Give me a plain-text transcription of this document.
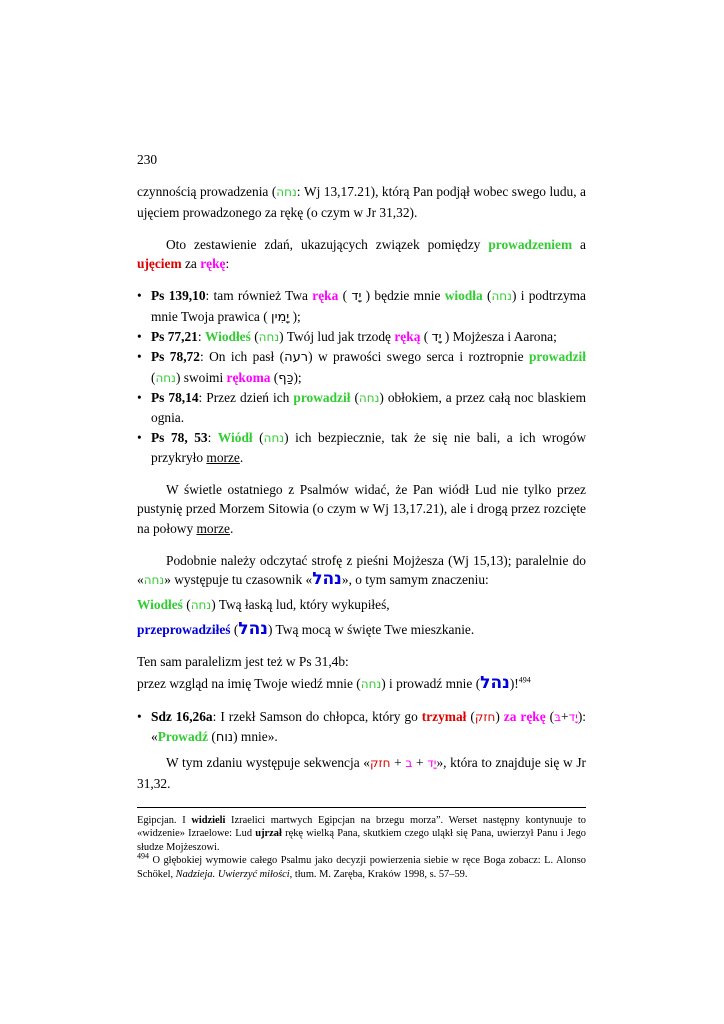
230

czynnością prowadzenia (נחה: Wj 13,17.21), którą Pan podjął wobec swego ludu, a ujęciem prowadzonego za rękę (o czym w Jr 31,32).

Oto zestawienie zdań, ukazujących związek pomiędzy prowadzeniem a ujęciem za rękę:

• Ps 139,10: tam również Twa ręka ( יָד ) będzie mnie wiodła (נחה) i podtrzyma mnie Twoja prawica ( יָמִין );
• Ps 77,21: Wiodłeś (נחה) Twój lud jak trzodę ręką ( יָד ) Mojżesza i Aarona;
• Ps 78,72: On ich pasł (רעה) w prawości swego serca i roztropnie prowadził (נחה) swoimi rękoma (כַּף);
• Ps 78,14: Przez dzień ich prowadził (נחה) obłokiem, a przez całą noc blaskiem ognia.
• Ps 78, 53: Wiódł (נחה) ich bezpiecznie, tak że się nie bali, a ich wrogów przykryło morze.

W świetle ostatniego z Psalmów widać, że Pan wiódł Lud nie tylko przez pustynię przed Morzem Sitowia (o czym w Wj 13,17.21), ale i drogą przez rozcięte na połowy morze.

Podobnie należy odczytać strofę z pieśni Mojżesza (Wj 15,13); paralelnie do «נחה» występuje tu czasownik «נהל», o tym samym znaczeniu:

Wiodłeś (נחה) Twą łaską lud, który wykupiłeś,

przeprowadziłeś (נהל) Twą mocą w święte Twe mieszkanie.

Ten sam paralelizm jest też w Ps 31,4b:

przez wzgląd na imię Twoje wiedź mnie (נחה) i prowadź mnie (נהל)!$^{494}$

• Sdz 16,26a: I rzekł Samson do chłopca, który go trzymał (חזק) za rękę ( יָד+בּ ): «Prowadź (נוח) mnie».

W tym zdaniu występuje sekwencja «	יָד + ב + חזק	», która to znajduje się w Jr 31,32.

Egipcjan. I widzieli Izraelici martwych Egipcjan na brzegu morza”. Werset następny kontynuuje to «widzenie» Izraelowe: Lud ujrzał rękę wielką Pana, skutkiem czego uląkł się Pana, uwierzył Panu i Jego słudze Mojżeszowi.

$^{494}$ O głębokiej wymowie całego Psalmu jako decyzji powierzenia siebie w ręce Boga zobacz: L. Alonso Schökel, Nadzieja. Uwierzyć miłości, tłum. M. Zaręba, Kraków 1998, s. 57–59.
